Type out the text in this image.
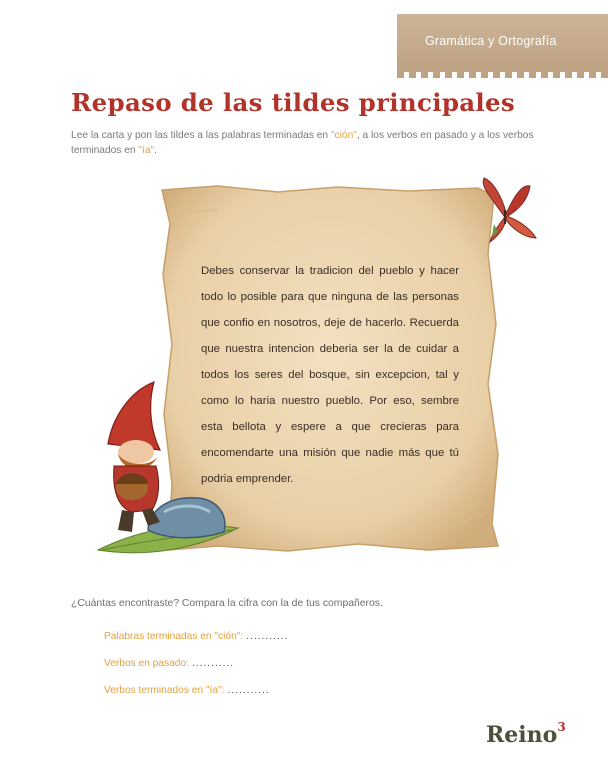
Gramática y Ortografía
Repaso de las tildes principales

Lee la carta y pon las tildes a las palabras terminadas en "ción", a los verbos en pasado y a los verbos terminados en "ía".

Debes conservar la tradicion del pueblo y hacer todo lo posible para que ninguna de las personas que confio en nosotros, deje de hacerlo. Recuerda que nuestra intencion deberia ser la de cuidar a todos los seres del bosque, sin excepcion, tal y como lo haria nuestro pueblo. Por eso, sembre esta bellota y espere a que crecieras para encomendarte una misión que nadie más que tú podria emprender.

¿Cuántas encontraste? Compara la cifra con la de tus compañeros.

Palabras terminadas en "ción": ...........
Verbos en pasado: ...........
Verbos terminados en "ía": ...........
Reino$^3$
